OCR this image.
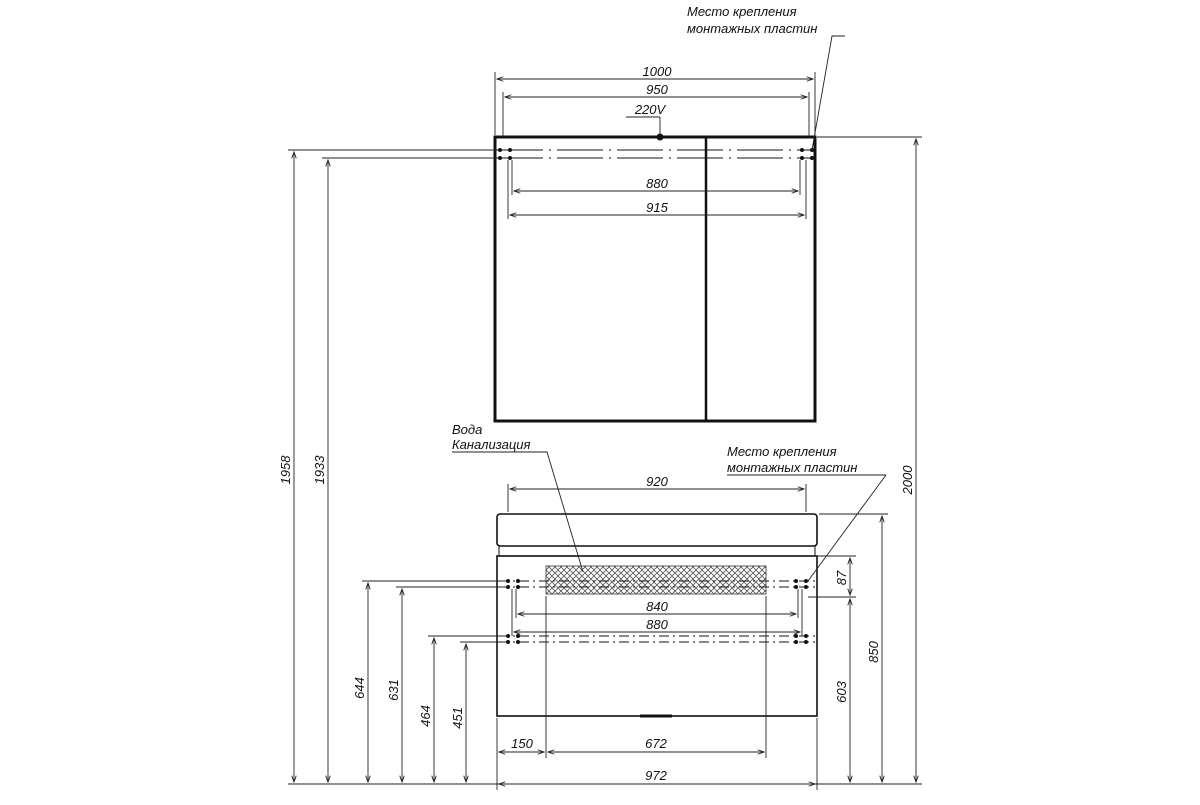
1000
950
220V
880
915
Место крепления
монтажных пластин
2000
1958 1933	920
Вода
Канализация	Место крепления
монтажных пластин
840
880
87
850
603
644 631
464 451
150	672
972
